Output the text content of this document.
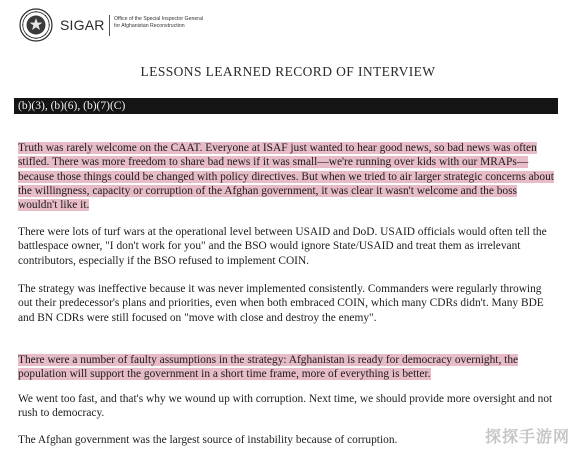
SIGAR Office of the Special Inspector General
for Afghanistan Reconstruction
LESSONS LEARNED RECORD OF INTERVIEW
(b)(3), (b)(6), (b)(7)(C)
Truth was rarely welcome on the CAAT. Everyone at ISAF just wanted to hear good news, so bad news was often stifled. There was more freedom to share bad news if it was small—we're running over kids with our MRAPs—because those things could be changed with policy directives. But when we tried to air larger strategic concerns about the willingness, capacity or corruption of the Afghan government, it was clear it wasn't welcome and the boss wouldn't like it.
There were lots of turf wars at the operational level between USAID and DoD. USAID officials would often tell the battlespace owner, "I don't work for you" and the BSO would ignore State/USAID and treat them as irrelevant contributors, especially if the BSO refused to implement COIN.
The strategy was ineffective because it was never implemented consistently. Commanders were regularly throwing out their predecessor's plans and priorities, even when both embraced COIN, which many CDRs didn't. Many BDE and BN CDRs were still focused on "move with close and destroy the enemy".
There were a number of faulty assumptions in the strategy: Afghanistan is ready for democracy overnight, the population will support the government in a short time frame, more of everything is better.
We went too fast, and that's why we wound up with corruption. Next time, we should provide more oversight and not rush to democracy.
The Afghan government was the largest source of instability because of corruption.	探探手游网
